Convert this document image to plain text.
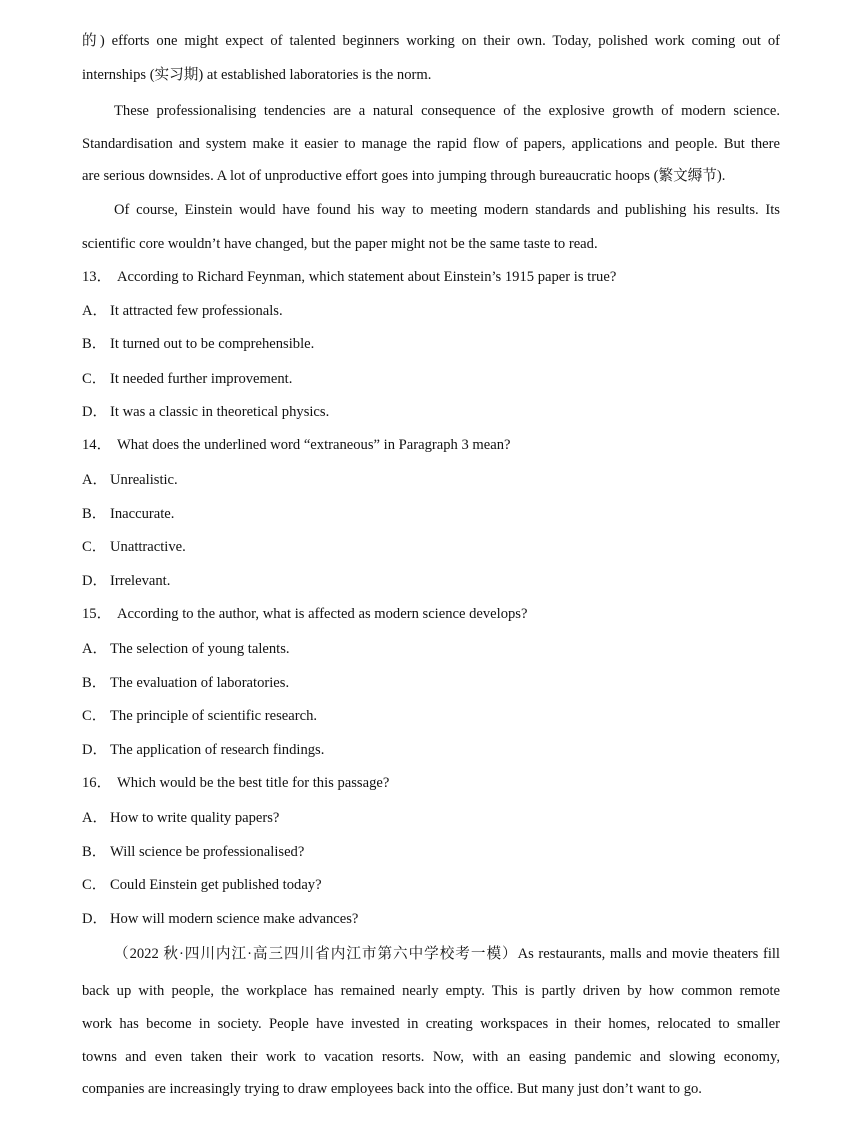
的) efforts one might expect of talented beginners working on their own. Today, polished work coming out of
internships (实习期) at established laboratories is the norm.
These professionalising tendencies are a natural consequence of the explosive growth of modern science.
Standardisation and system make it easier to manage the rapid flow of papers, applications and people. But there
are serious downsides. A lot of unproductive effort goes into jumping through bureaucratic hoops (繁文缛节).
Of course, Einstein would have found his way to meeting modern standards and publishing his results. Its
scientific core wouldn’t have changed, but the paper might not be the same taste to read.
13． According to Richard Feynman, which statement about Einstein’s 1915 paper is true?
A． It attracted few professionals.
B． It turned out to be comprehensible.
C． It needed further improvement.
D． It was a classic in theoretical physics.
14． What does the underlined word “extraneous” in Paragraph 3 mean?
A． Unrealistic.
B． Inaccurate.
C． Unattractive.
D． Irrelevant.
15． According to the author, what is affected as modern science develops?
A． The selection of young talents.
B． The evaluation of laboratories.
C． The principle of scientific research.
D． The application of research findings.
16． Which would be the best title for this passage?
A． How to write quality papers?
B． Will science be professionalised?
C． Could Einstein get published today?
D． How will modern science make advances?
（2022 秋·四川内江·高三四川省内江市第六中学校考一模）As restaurants, malls and movie theaters fill
back up with people, the workplace has remained nearly empty. This is partly driven by how common remote
work has become in society. People have invested in creating workspaces in their homes, relocated to smaller
towns and even taken their work to vacation resorts. Now, with an easing pandemic and slowing economy,
companies are increasingly trying to draw employees back into the office. But many just don’t want to go.
